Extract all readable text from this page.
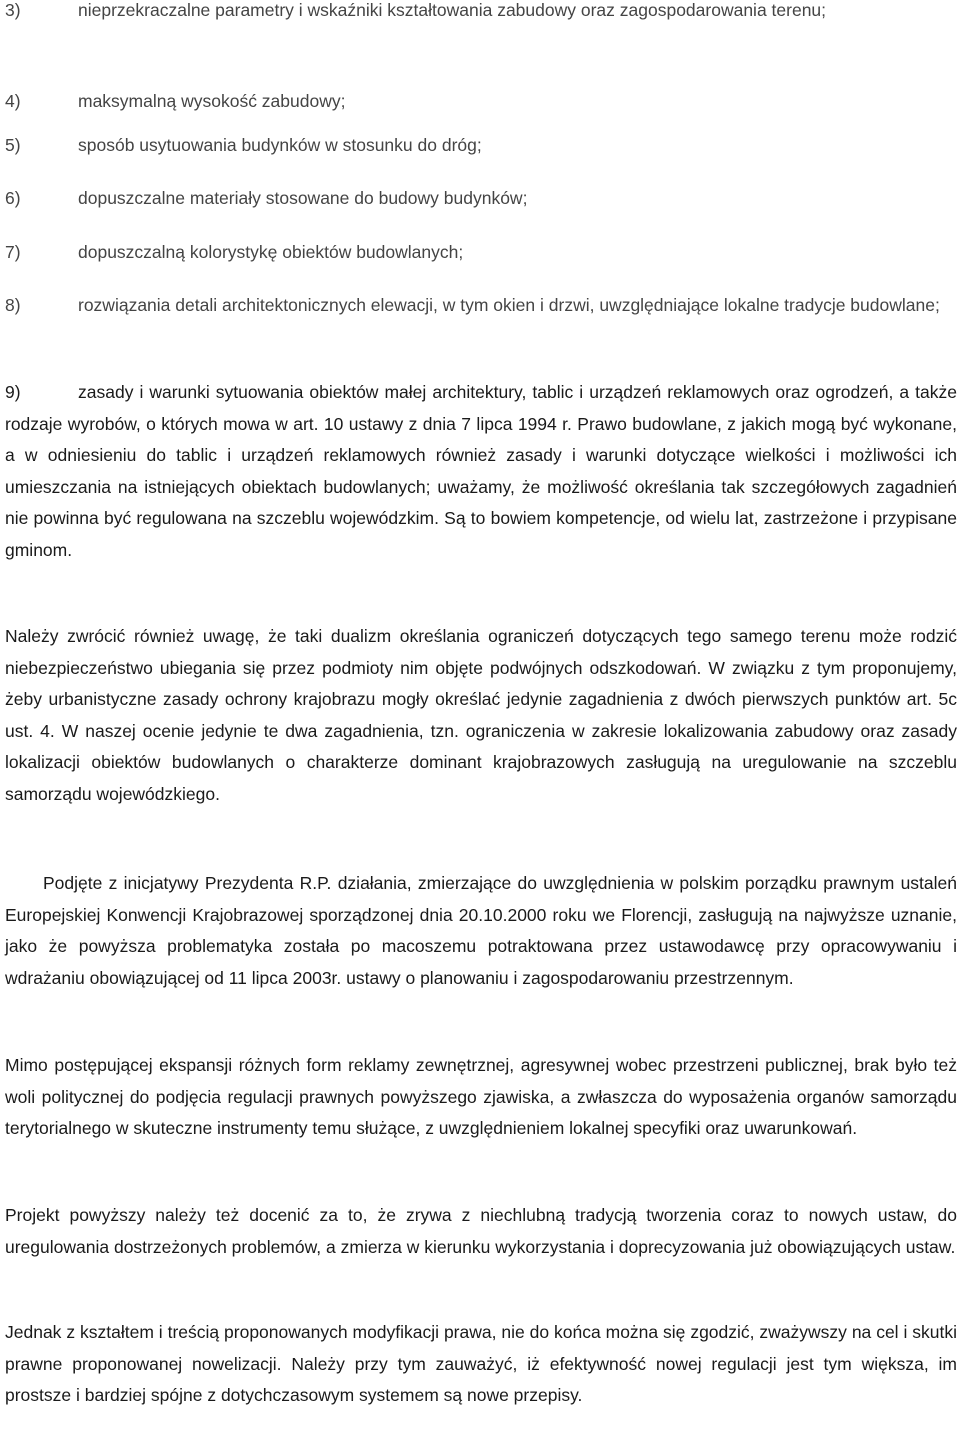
3)	nieprzekraczalne parametry i wskaźniki kształtowania zabudowy oraz zagospodarowania terenu;
4)	maksymalną wysokość zabudowy;
5)	sposób usytuowania budynków w stosunku do dróg;
6)	dopuszczalne materiały stosowane do budowy budynków;
7)	dopuszczalną kolorystykę obiektów budowlanych;
8)	rozwiązania detali architektonicznych elewacji, w tym okien i drzwi, uwzględniające lokalne tradycje budowlane;
9)	zasady i warunki sytuowania obiektów małej architektury, tablic i urządzeń reklamowych oraz ogrodzeń, a także rodzaje wyrobów, o których mowa w art. 10 ustawy z dnia 7 lipca 1994 r. Prawo budowlane, z jakich mogą być wykonane, a w odniesieniu do tablic i urządzeń reklamowych również zasady i warunki dotyczące wielkości i możliwości ich umieszczania na istniejących obiektach budowlanych; uważamy, że możliwość określania tak szczegółowych zagadnień nie powinna być regulowana na szczeblu wojewódzkim. Są to bowiem kompetencje, od wielu lat, zastrzeżone i przypisane gminom.
Należy zwrócić również uwagę, że taki dualizm określania ograniczeń dotyczących tego samego terenu może rodzić niebezpieczeństwo ubiegania się przez podmioty nim objęte podwójnych odszkodowań. W związku z tym proponujemy, żeby urbanistyczne zasady ochrony krajobrazu mogły określać jedynie zagadnienia z dwóch pierwszych punktów art. 5c ust. 4. W naszej ocenie jedynie te dwa zagadnienia, tzn. ograniczenia w zakresie lokalizowania zabudowy oraz zasady lokalizacji obiektów budowlanych o charakterze dominant krajobrazowych zasługują na uregulowanie na szczeblu samorządu wojewódzkiego.
Podjęte z inicjatywy Prezydenta R.P. działania, zmierzające do uwzględnienia w polskim porządku prawnym ustaleń Europejskiej Konwencji Krajobrazowej sporządzonej dnia 20.10.2000 roku we Florencji, zasługują na najwyższe uznanie, jako że powyższa problematyka została po macoszemu potraktowana przez ustawodawcę przy opracowywaniu i wdrażaniu obowiązującej od 11 lipca 2003r. ustawy o planowaniu i zagospodarowaniu przestrzennym.
Mimo postępującej ekspansji różnych form reklamy zewnętrznej, agresywnej wobec przestrzeni publicznej, brak było też woli politycznej do podjęcia regulacji prawnych powyższego zjawiska, a zwłaszcza do wyposażenia organów samorządu terytorialnego w skuteczne instrumenty temu służące, z uwzględnieniem lokalnej specyfiki oraz uwarunkowań.
Projekt powyższy należy też docenić za to, że zrywa z niechlubną tradycją tworzenia coraz to nowych ustaw, do uregulowania dostrzeżonych problemów, a zmierza w kierunku wykorzystania i doprecyzowania już obowiązujących ustaw.
Jednak z kształtem i treścią proponowanych modyfikacji prawa, nie do końca można się zgodzić, zważywszy na cel i skutki prawne proponowanej nowelizacji. Należy przy tym zauważyć, iż efektywność nowej regulacji jest tym większa, im prostsze i bardziej spójne z dotychczasowym systemem są nowe przepisy.
